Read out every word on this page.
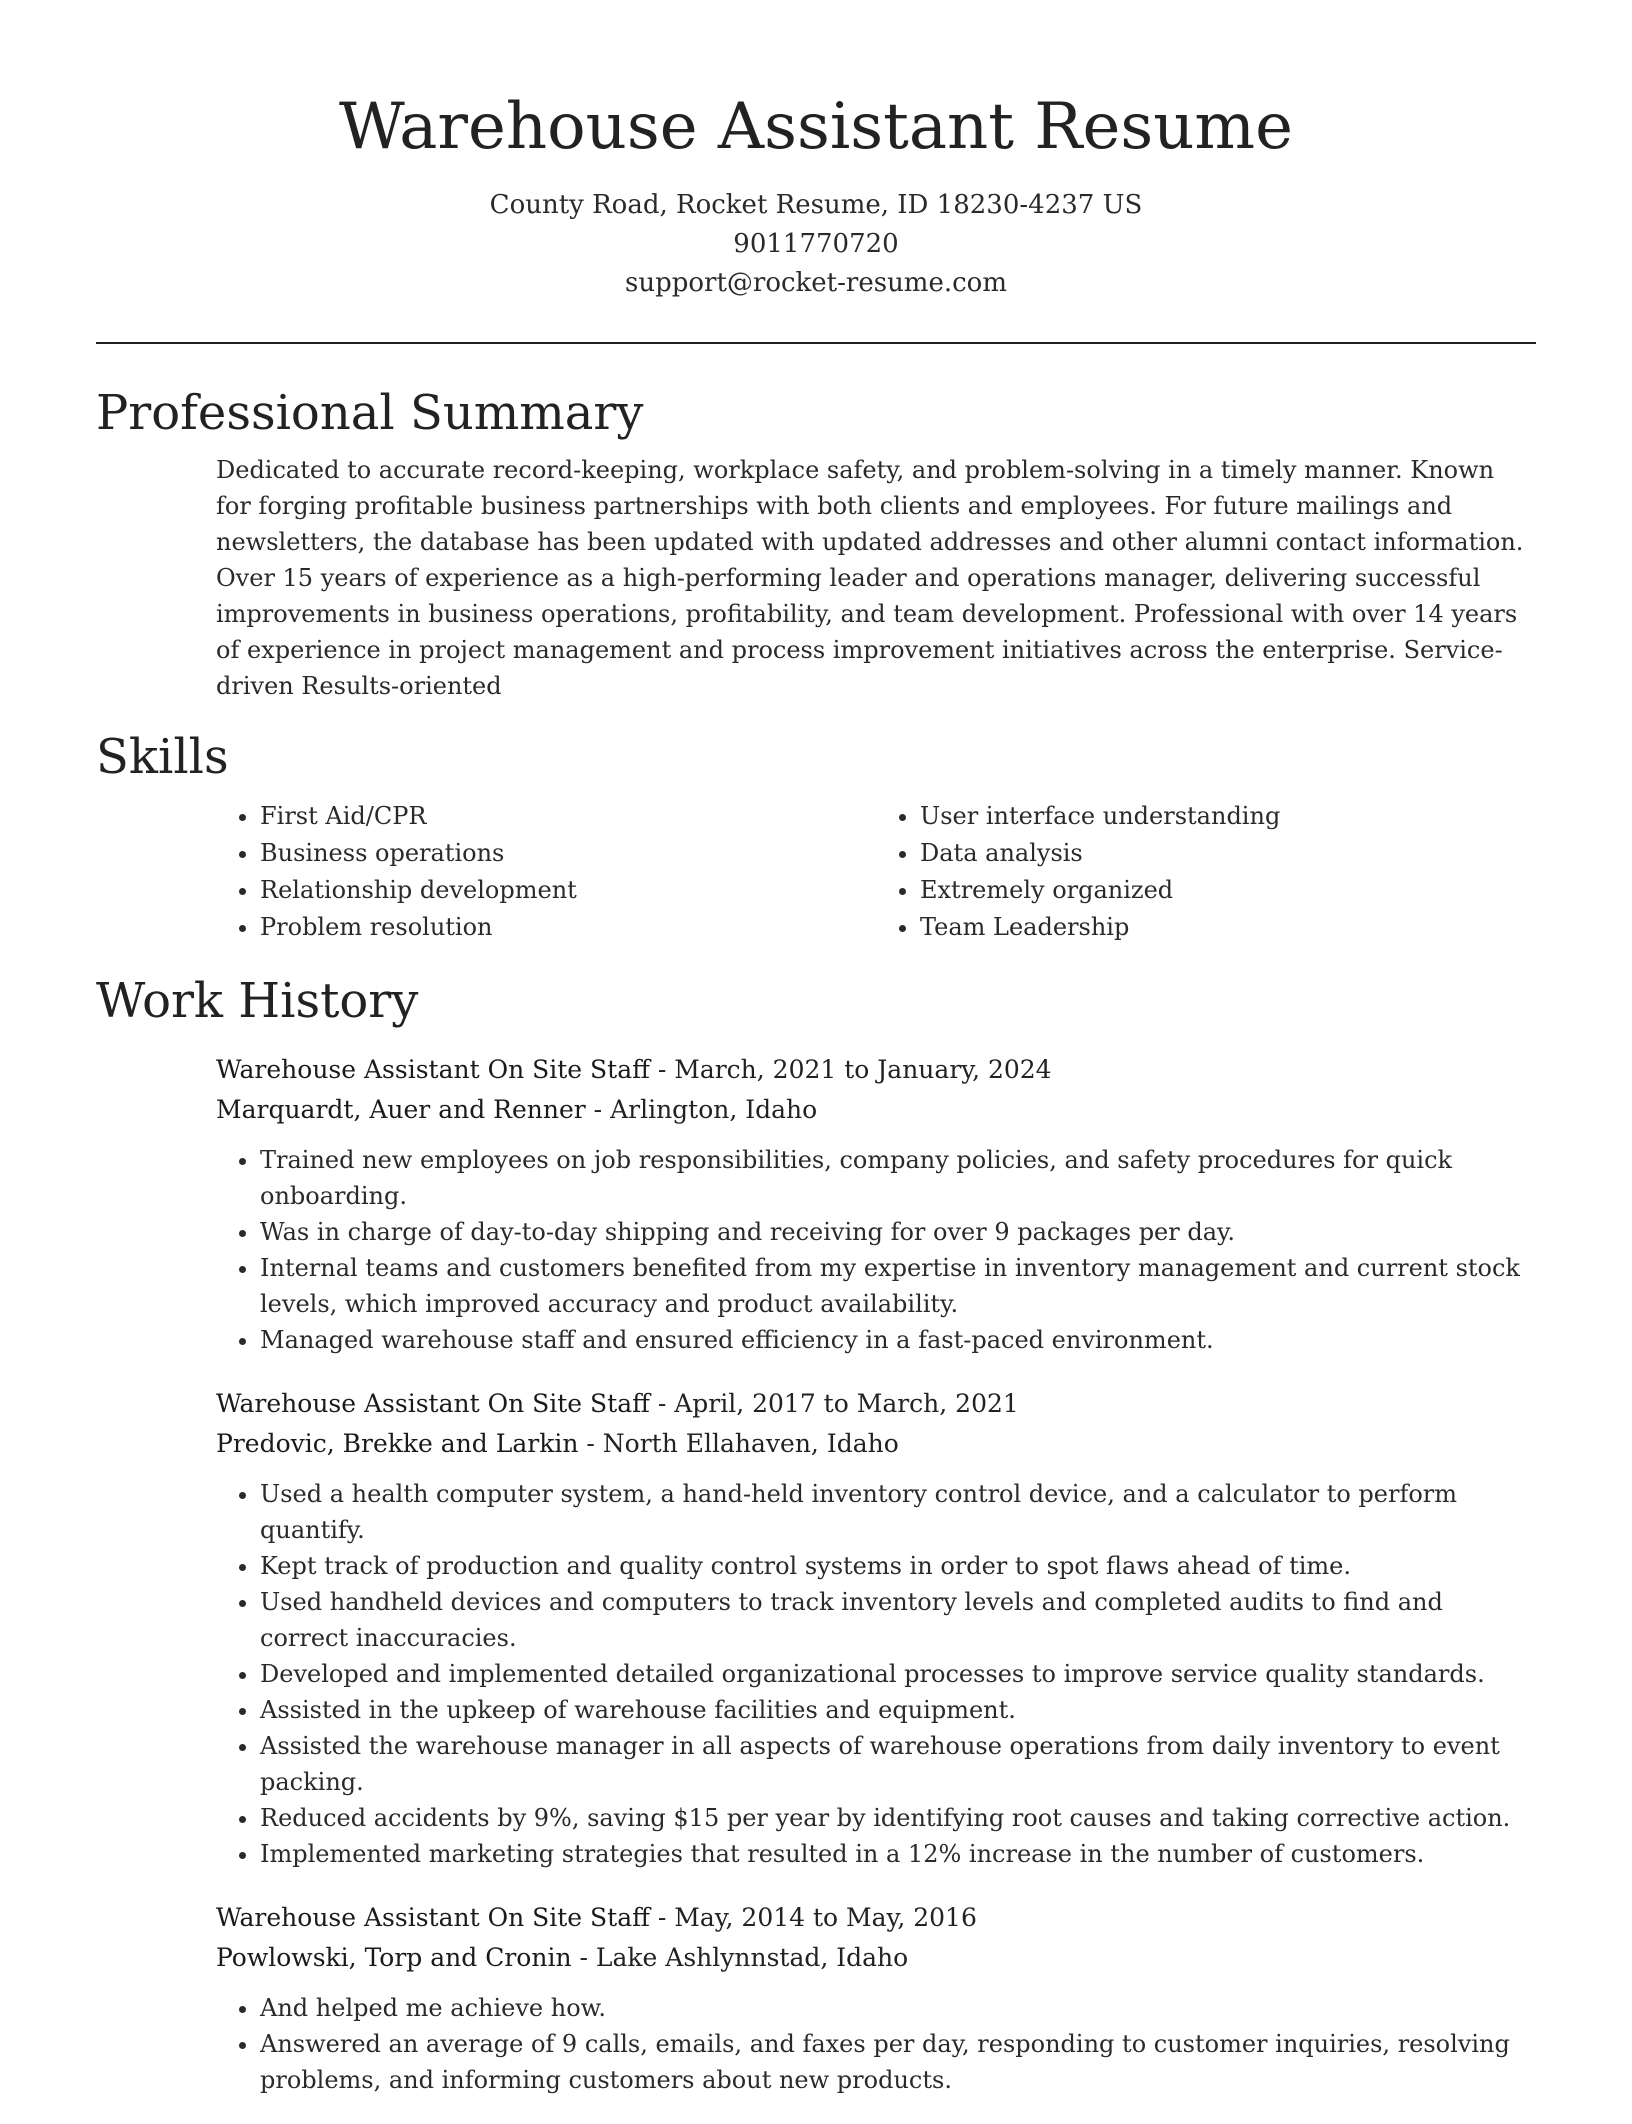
Warehouse Assistant Resume
County Road, Rocket Resume, ID 18230-4237 US
9011770720
support@rocket-resume.com
Professional Summary
Dedicated to accurate record-keeping, workplace safety, and problem-solving in a timely manner. Known for forging profitable business partnerships with both clients and employees. For future mailings and newsletters, the database has been updated with updated addresses and other alumni contact information. Over 15 years of experience as a high-performing leader and operations manager, delivering successful improvements in business operations, profitability, and team development. Professional with over 14 years of experience in project management and process improvement initiatives across the enterprise. Service-driven Results-oriented
Skills
• First Aid/CPR
• Business operations
• Relationship development
• Problem resolution
• User interface understanding
• Data analysis
• Extremely organized
• Team Leadership
Work History
Warehouse Assistant On Site Staff - March, 2021 to January, 2024
Marquardt, Auer and Renner - Arlington, Idaho
• Trained new employees on job responsibilities, company policies, and safety procedures for quick onboarding.
• Was in charge of day-to-day shipping and receiving for over 9 packages per day.
• Internal teams and customers benefited from my expertise in inventory management and current stock levels, which improved accuracy and product availability.
• Managed warehouse staff and ensured efficiency in a fast-paced environment.
Warehouse Assistant On Site Staff - April, 2017 to March, 2021
Predovic, Brekke and Larkin - North Ellahaven, Idaho
• Used a health computer system, a hand-held inventory control device, and a calculator to perform quantify.
• Kept track of production and quality control systems in order to spot flaws ahead of time.
• Used handheld devices and computers to track inventory levels and completed audits to find and correct inaccuracies.
• Developed and implemented detailed organizational processes to improve service quality standards.
• Assisted in the upkeep of warehouse facilities and equipment.
• Assisted the warehouse manager in all aspects of warehouse operations from daily inventory to event packing.
• Reduced accidents by 9%, saving $15 per year by identifying root causes and taking corrective action.
• Implemented marketing strategies that resulted in a 12% increase in the number of customers.
Warehouse Assistant On Site Staff - May, 2014 to May, 2016
Powlowski, Torp and Cronin - Lake Ashlynnstad, Idaho
• And helped me achieve how.
• Answered an average of 9 calls, emails, and faxes per day, responding to customer inquiries, resolving problems, and informing customers about new products.
